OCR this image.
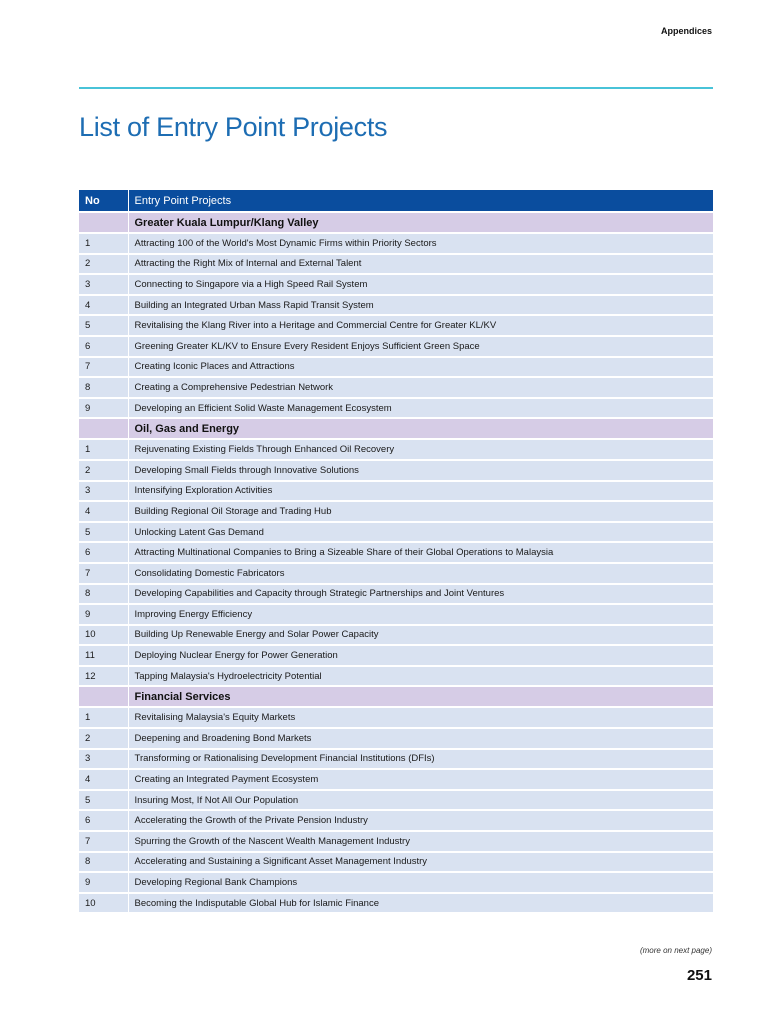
Appendices
List of Entry Point Projects
No	Entry Point Projects
	Greater Kuala Lumpur/Klang Valley
1	Attracting 100 of the World's Most Dynamic Firms within Priority Sectors
2	Attracting the Right Mix of Internal and External Talent
3	Connecting to Singapore via a High Speed Rail System
4	Building an Integrated Urban Mass Rapid Transit System
5	Revitalising the Klang River into a Heritage and Commercial Centre for Greater KL/KV
6	Greening Greater KL/KV to Ensure Every Resident Enjoys Sufficient Green Space
7	Creating Iconic Places and Attractions
8	Creating a Comprehensive Pedestrian Network
9	Developing an Efficient Solid Waste Management Ecosystem
	Oil, Gas and Energy
1	Rejuvenating Existing Fields Through Enhanced Oil Recovery
2	Developing Small Fields through Innovative Solutions
3	Intensifying Exploration Activities
4	Building Regional Oil Storage and Trading Hub
5	Unlocking Latent Gas Demand
6	Attracting Multinational Companies to Bring a Sizeable Share of their Global Operations to Malaysia
7	Consolidating Domestic Fabricators
8	Developing Capabilities and Capacity through Strategic Partnerships and Joint Ventures
9	Improving Energy Efficiency
10	Building Up Renewable Energy and Solar Power Capacity
11	Deploying Nuclear Energy for Power Generation
12	Tapping Malaysia's Hydroelectricity Potential
	Financial Services
1	Revitalising Malaysia's Equity Markets
2	Deepening and Broadening Bond Markets
3	Transforming or Rationalising Development Financial Institutions (DFIs)
4	Creating an Integrated Payment Ecosystem
5	Insuring Most, If Not All Our Population
6	Accelerating the Growth of the Private Pension Industry
7	Spurring the Growth of the Nascent Wealth Management Industry
8	Accelerating and Sustaining a Significant Asset Management Industry
9	Developing Regional Bank Champions
10	Becoming the Indisputable Global Hub for Islamic Finance
(more on next page)
251
